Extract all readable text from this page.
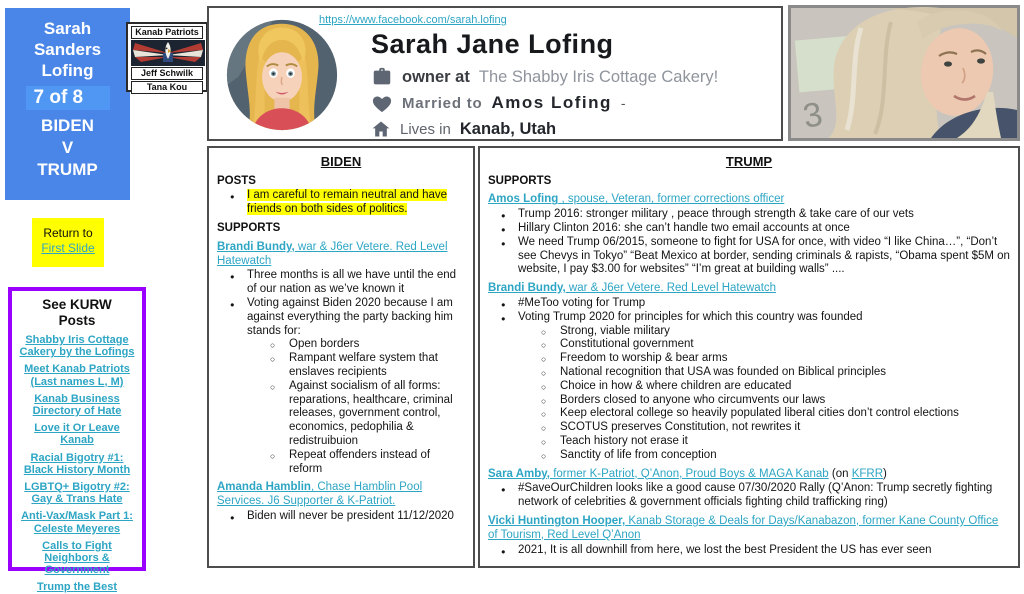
Sarah
Sanders
Lofing
7 of 8
BIDEN
V
TRUMP
Kanab Patriots
Jeff Schwilk
Tana Kou
Return to
First Slide
See KURW Posts
Shabby Iris Cottage Cakery by the Lofings
Meet Kanab Patriots (Last names L, M)
Kanab Business Directory of Hate
Love it Or Leave Kanab
Racial Bigotry #1: Black History Month
LGBTQ+ Bigotry #2: Gay & Trans Hate
Anti-Vax/Mask Part 1: Celeste Meyeres
Calls to Fight Neighbors & Government
Trump the Best
https://www.facebook.com/sarah.lofing
Sarah Jane Lofing
owner at The Shabby Iris Cottage Cakery!
Married to Amos Lofing -
Lives in Kanab, Utah	3
BIDEN
POSTS
● I am careful to remain neutral and have friends on both sides of politics.
SUPPORTS
Brandi Bundy, war & J6er Vetere. Red Level Hatewatch
● Three months is all we have until the end of our nation as we’ve known it
● Voting against Biden 2020 because I am against everything the party backing him stands for:
○ Open borders
○ Rampant welfare system that enslaves recipients
○ Against socialism of all forms: reparations, healthcare, criminal releases, government control, economics, pedophilia & redistruibuion
○ Repeat offenders instead of reform
Amanda Hamblin, Chase Hamblin Pool Services. J6 Supporter & K-Patriot.
● Biden will never be president 11/12/2020
TRUMP
SUPPORTS
Amos Lofing , spouse, Veteran, former corrections officer
● Trump 2016: stronger military , peace through strength & take care of our vets
● Hillary Clinton 2016: she can’t handle two email accounts at once
● We need Trump 06/2015, someone to fight for USA for once, with video “I like China…”, “Don’t see Chevys in Tokyo” “Beat Mexico at border, sending criminals & rapists, “Obama spent $5M on website, I pay $3.00 for websites” “I’m great at building walls” ....
Brandi Bundy, war & J6er Vetere. Red Level Hatewatch
● #MeToo voting for Trump
● Voting Trump 2020 for principles for which this country was founded
○ Strong, viable military
○ Constitutional government
○ Freedom to worship & bear arms
○ National recognition that USA was founded on Biblical principles
○ Choice in how & where children are educated
○ Borders closed to anyone who circumvents our laws
○ Keep electoral college so heavily populated liberal cities don’t control elections
○ SCOTUS preserves Constitution, not rewrites it
○ Teach history not erase it
○ Sanctity of life from conception
Sara Amby, former K-Patriot, Q’Anon, Proud Boys & MAGA Kanab (on KFRR)
● #SaveOurChildren looks like a good cause 07/30/2020 Rally (Q’Anon: Trump secretly fighting network of celebrities & government officials fighting child trafficking ring)
Vicki Huntington Hooper, Kanab Storage & Deals for Days/Kanabazon, former Kane County Office of Tourism, Red Level Q’Anon
● 2021, It is all downhill from here, we lost the best President the US has ever seen
